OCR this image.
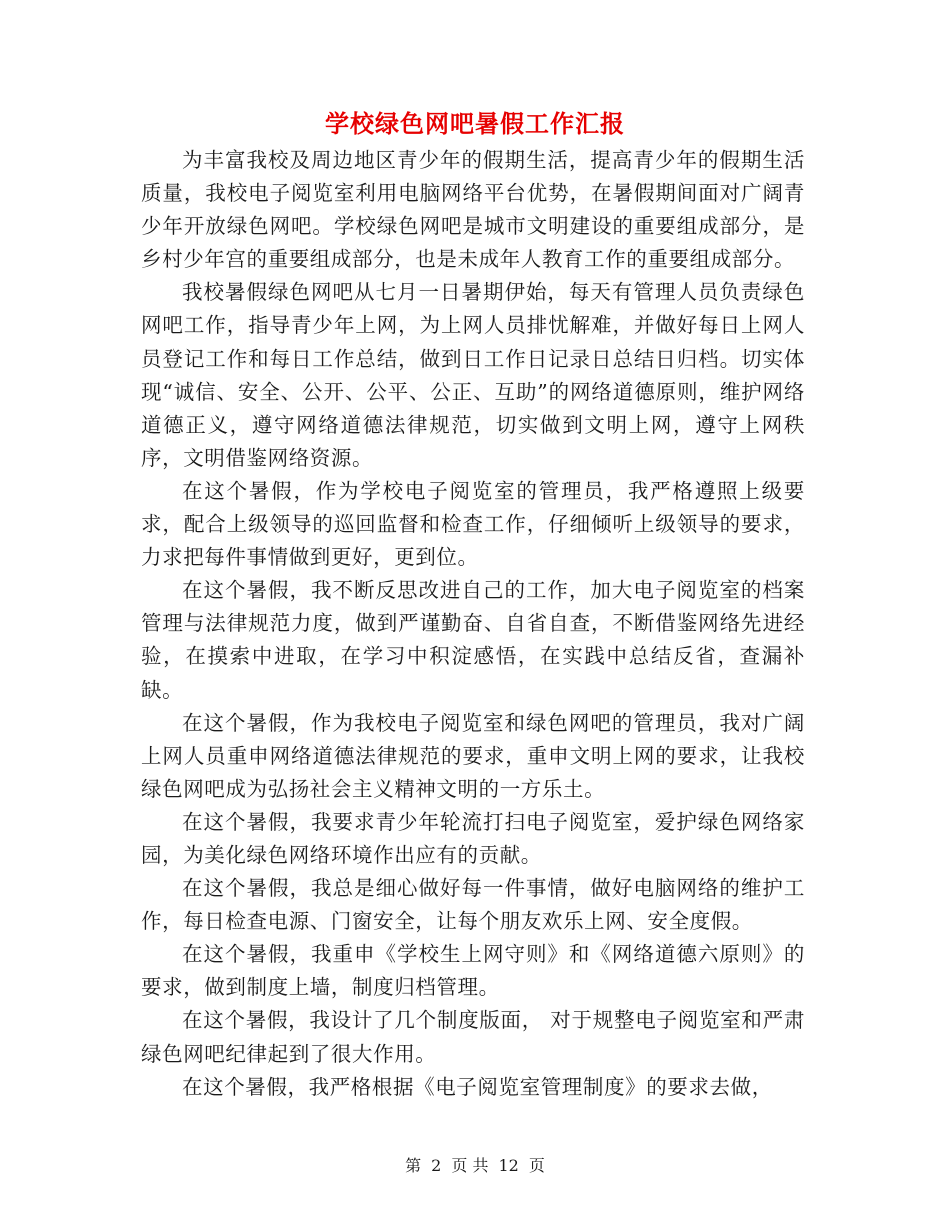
学校绿色网吧暑假工作汇报

为丰富我校及周边地区青少年的假期生活，提高青少年的假期生活质量，我校电子阅览室利用电脑网络平台优势，在暑假期间面对广阔青少年开放绿色网吧。学校绿色网吧是城市文明建设的重要组成部分，是乡村少年宫的重要组成部分，也是未成年人教育工作的重要组成部分。

我校暑假绿色网吧从七月一日暑期伊始，每天有管理人员负责绿色网吧工作，指导青少年上网，为上网人员排忧解难，并做好每日上网人员登记工作和每日工作总结，做到日工作日记录日总结日归档。切实体现“诚信、安全、公开、公平、公正、互助”的网络道德原则，维护网络道德正义，遵守网络道德法律规范，切实做到文明上网，遵守上网秩序，文明借鉴网络资源。

在这个暑假，作为学校电子阅览室的管理员，我严格遵照上级要求，配合上级领导的巡回监督和检查工作，仔细倾听上级领导的要求，力求把每件事情做到更好，更到位。

在这个暑假，我不断反思改进自己的工作，加大电子阅览室的档案管理与法律规范力度，做到严谨勤奋、自省自查，不断借鉴网络先进经验，在摸索中进取，在学习中积淀感悟，在实践中总结反省，查漏补缺。

在这个暑假，作为我校电子阅览室和绿色网吧的管理员，我对广阔上网人员重申网络道德法律规范的要求，重申文明上网的要求，让我校绿色网吧成为弘扬社会主义精神文明的一方乐土。

在这个暑假，我要求青少年轮流打扫电子阅览室，爱护绿色网络家园，为美化绿色网络环境作出应有的贡献。

在这个暑假，我总是细心做好每一件事情，做好电脑网络的维护工作，每日检查电源、门窗安全，让每个朋友欢乐上网、安全度假。

在这个暑假，我重申《学校生上网守则》和《网络道德六原则》的要求，做到制度上墙，制度归档管理。

在这个暑假，我设计了几个制度版面， 对于规整电子阅览室和严肃绿色网吧纪律起到了很大作用。

在这个暑假，我严格根据《电子阅览室管理制度》的要求去做，

第 2 页 共 12 页
